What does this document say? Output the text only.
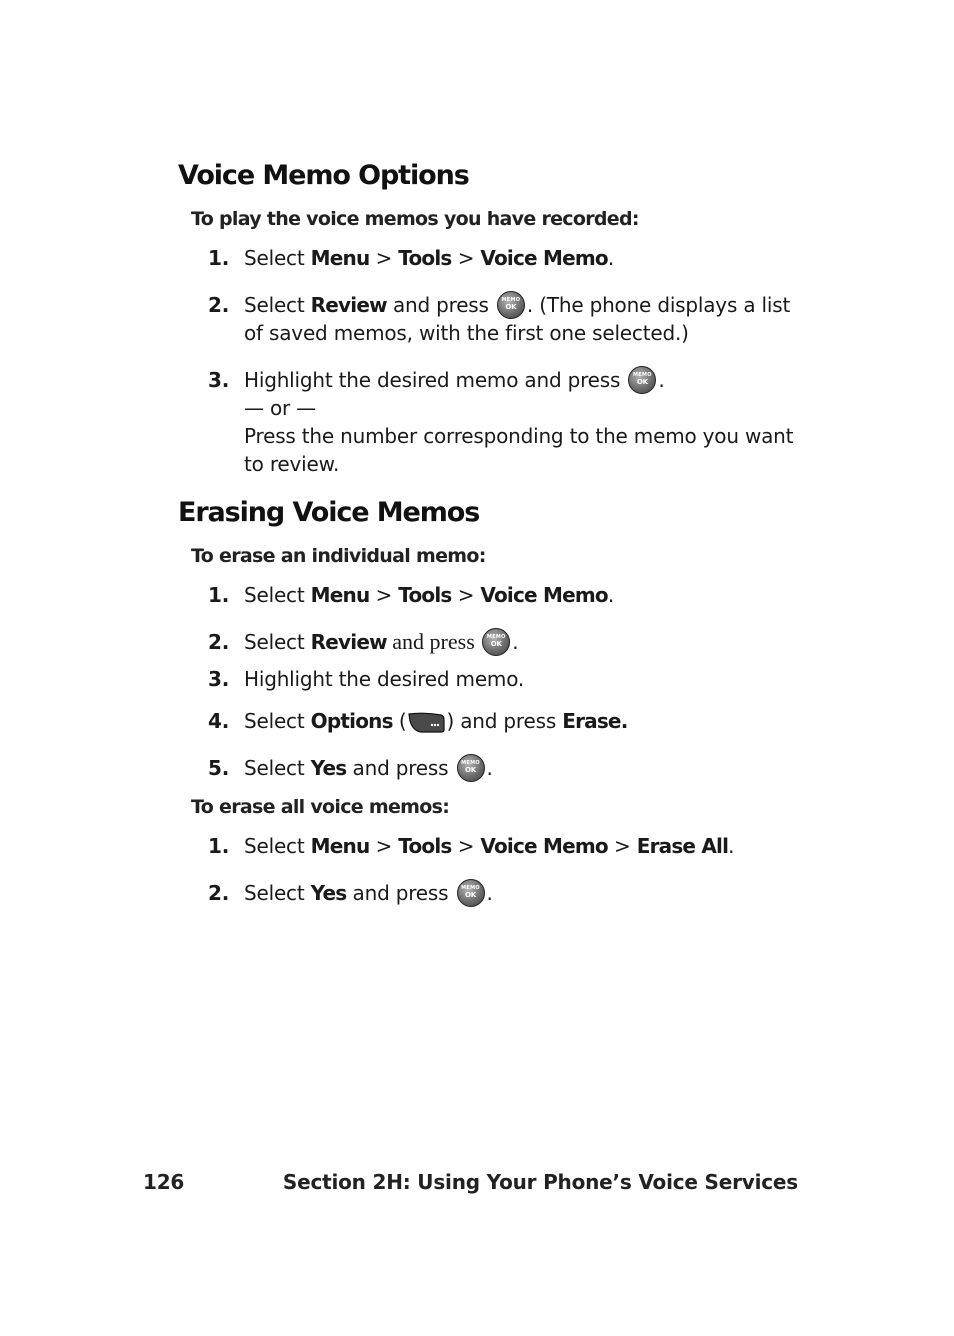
Voice Memo Options

To play the voice memos you have recorded:

1. Select Menu > Tools > Voice Memo.
2. Select Review and press	MEMO
OK . (The phone displays a list of saved memos, with the first one selected.)
3. Highlight the desired memo and press	MEMO
OK .
— or —
Press the number corresponding to the memo you want to review.
Erasing Voice Memos

To erase an individual memo:

1. Select Menu > Tools > Voice Memo.
2. Select Review and press	MEMO
OK .
3. Highlight the desired memo.
4. Select Options ( ) and press Erase.
5. Select Yes and press	MEMO
OK .

To erase all voice memos:

1. Select Menu > Tools > Voice Memo > Erase All.
2. Select Yes and press	MEMO
OK .
126	Section 2H: Using Your Phone’s Voice Services
